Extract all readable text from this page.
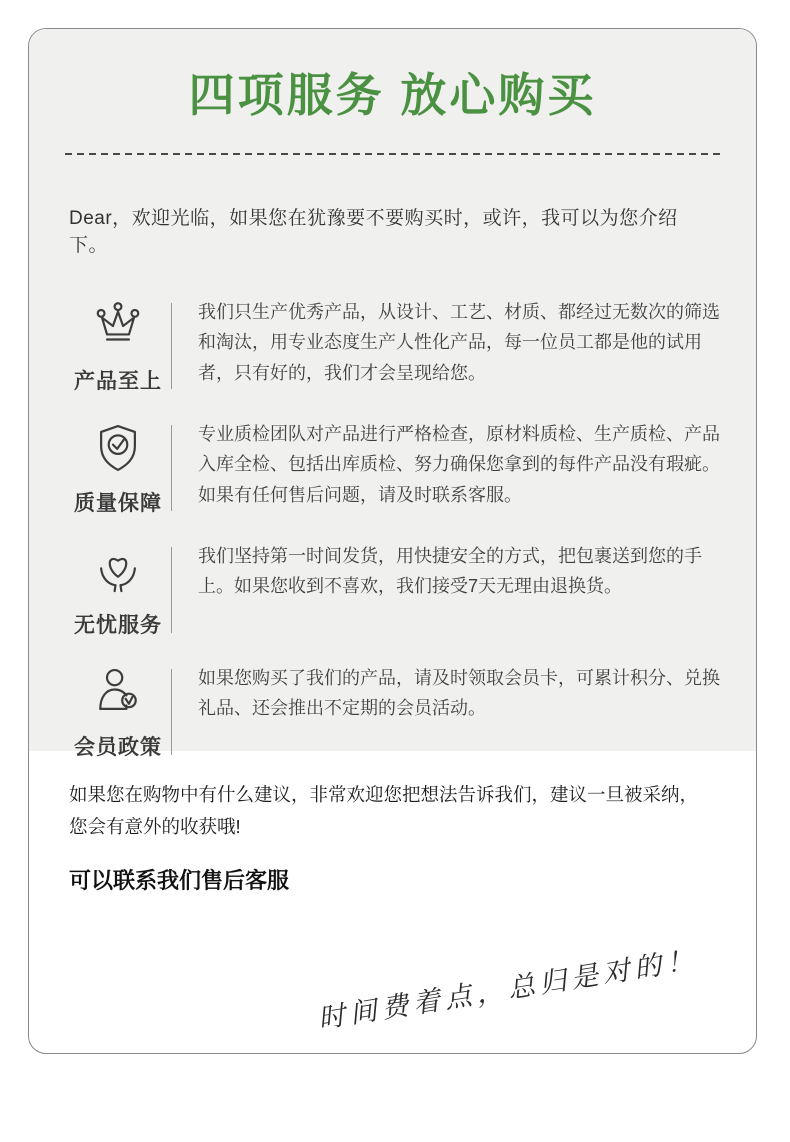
四项服务 放心购买
Dear，欢迎光临，如果您在犹豫要不要购买时，或许，我可以为您介绍下。
产品至上
我们只生产优秀产品，从设计、工艺、材质、都经过无数次的筛选和淘汰，用专业态度生产人性化产品，每一位员工都是他的试用者，只有好的，我们才会呈现给您。
质量保障
专业质检团队对产品进行严格检查，原材料质检、生产质检、产品入库全检、包括出库质检、努力确保您拿到的每件产品没有瑕疵。如果有任何售后问题，请及时联系客服。
无忧服务
我们坚持第一时间发货，用快捷安全的方式，把包裹送到您的手上。如果您收到不喜欢，我们接受7天无理由退换货。
会员政策
如果您购买了我们的产品，请及时领取会员卡，可累计积分、兑换礼品、还会推出不定期的会员活动。
如果您在购物中有什么建议，非常欢迎您把想法告诉我们，建议一旦被采纳，您会有意外的收获哦!
可以联系我们售后客服
时间费着点，总归是对的！
